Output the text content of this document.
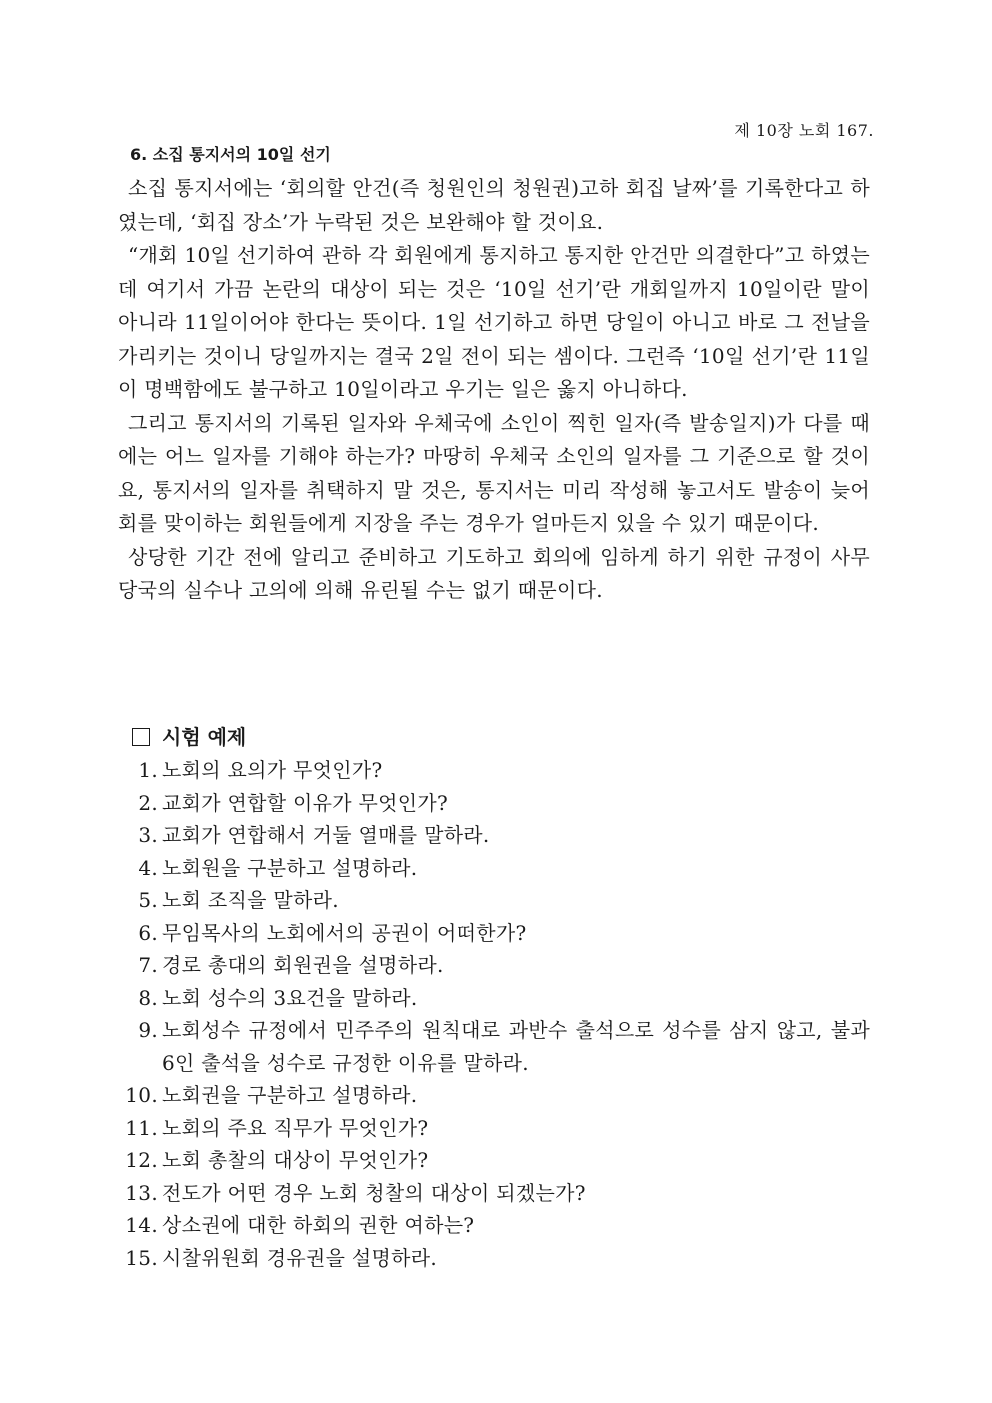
제 10장 노회 167.
6. 소집 통지서의 10일 선기

소집 통지서에는 ‘회의할 안건(즉 청원인의 청원권)고하 회집 날짜’를 기록한다고 하였는데, ‘회집 장소’가 누락된 것은 보완해야 할 것이요.

“개회 10일 선기하여 관하 각 회원에게 통지하고 통지한 안건만 의결한다”고 하였는데 여기서 가끔 논란의 대상이 되는 것은 ‘10일 선기’란 개회일까지 10일이란 말이 아니라 11일이어야 한다는 뜻이다. 1일 선기하고 하면 당일이 아니고 바로 그 전날을 가리키는 것이니 당일까지는 결국 2일 전이 되는 셈이다. 그런즉 ‘10일 선기’란 11일이 명백함에도 불구하고 10일이라고 우기는 일은 옳지 아니하다.

그리고 통지서의 기록된 일자와 우체국에 소인이 찍힌 일자(즉 발송일지)가 다를 때에는 어느 일자를 기해야 하는가? 마땅히 우체국 소인의 일자를 그 기준으로 할 것이요, 통지서의 일자를 취택하지 말 것은, 통지서는 미리 작성해 놓고서도 발송이 늦어 회를 맞이하는 회원들에게 지장을 주는 경우가 얼마든지 있을 수 있기 때문이다.

상당한 기간 전에 알리고 준비하고 기도하고 회의에 임하게 하기 위한 규정이 사무 당국의 실수나 고의에 의해 유린될 수는 없기 때문이다.

시험 예제
1. 노회의 요의가 무엇인가?
2. 교회가 연합할 이유가 무엇인가?
3. 교회가 연합해서 거둘 열매를 말하라.
4. 노회원을 구분하고 설명하라.
5. 노회 조직을 말하라.
6. 무임목사의 노회에서의 공권이 어떠한가?
7. 경로 총대의 회원권을 설명하라.
8. 노회 성수의 3요건을 말하라.
9. 노회성수 규정에서 민주주의 원칙대로 과반수 출석으로 성수를 삼지 않고, 불과 6인 출석을 성수로 규정한 이유를 말하라.
10. 노회권을 구분하고 설명하라.
11. 노회의 주요 직무가 무엇인가?
12. 노회 총찰의 대상이 무엇인가?
13. 전도가 어떤 경우 노회 청찰의 대상이 되겠는가?
14. 상소권에 대한 하회의 권한 여하는?
15. 시찰위원회 경유권을 설명하라.
